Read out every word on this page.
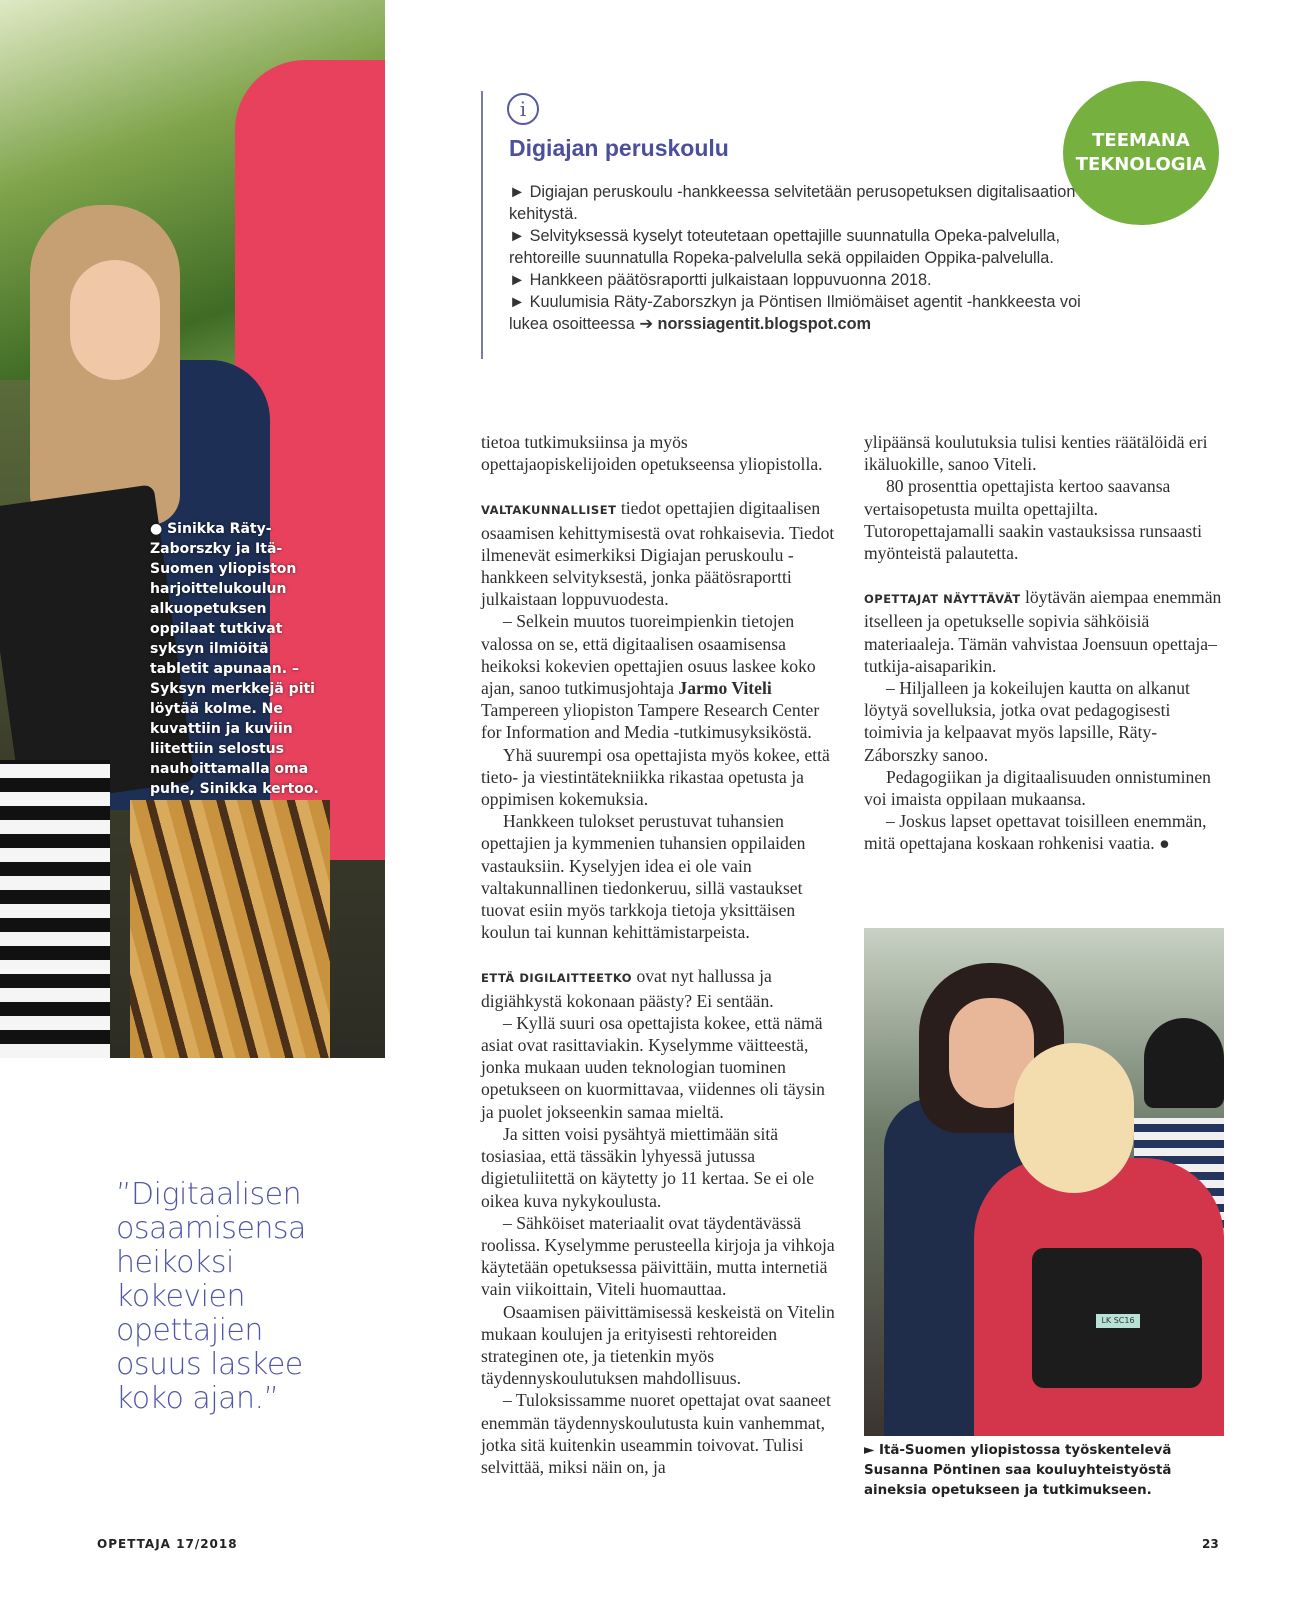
● Sinikka Räty-Zaborszky ja Itä-Suomen yliopiston harjoittelukoulun alkuopetuksen oppilaat tutkivat syksyn ilmiöitä tabletit apunaan. – Syksyn merkkejä piti löytää kolme. Ne kuvattiin ja kuviin liitettiin selostus nauhoittamalla oma puhe, Sinikka kertoo.
i
Digiajan peruskoulu
► Digiajan peruskoulu -hankkeessa selvitetään perusopetuksen digitalisaation kehitystä.
► Selvityksessä kyselyt toteutetaan opettajille suunnatulla Opeka-palvelulla, rehtoreille suunnatulla Ropeka-palvelulla sekä oppilaiden Oppika-palvelulla.
► Hankkeen päätösraportti julkaistaan loppuvuonna 2018.
► Kuulumisia Räty-Zaborszkyn ja Pöntisen Ilmiömäiset agentit -hankkeesta voi lukea osoitteessa ➔ norssiagentit.blogspot.com
TEEMANA
TEKNOLOGIA

tietoa tutkimuksiinsa ja myös opettajaopiskelijoiden opetukseensa yliopistolla.

VALTAKUNNALLISET tiedot opettajien digitaalisen osaamisen kehittymisestä ovat rohkaisevia. Tiedot ilmenevät esimerkiksi Digiajan peruskoulu -hankkeen selvityksestä, jonka päätösraportti julkaistaan loppuvuodesta.

– Selkein muutos tuoreimpienkin tietojen valossa on se, että digitaalisen osaamisensa heikoksi kokevien opettajien osuus laskee koko ajan, sanoo tutkimusjohtaja Jarmo Viteli Tampereen yliopiston Tampere Research Center for Information and Media -tutkimusyksiköstä.

Yhä suurempi osa opettajista myös kokee, että tieto- ja viestintätekniikka rikastaa opetusta ja oppimisen kokemuksia.

Hankkeen tulokset perustuvat tuhansien opettajien ja kymmenien tuhansien oppilaiden vastauksiin. Kyselyjen idea ei ole vain valtakunnallinen tiedonkeruu, sillä vastaukset tuovat esiin myös tarkkoja tietoja yksittäisen koulun tai kunnan kehittämistarpeista.

ETTÄ DIGILAITTEETKO ovat nyt hallussa ja digiähkystä kokonaan päästy? Ei sentään.

– Kyllä suuri osa opettajista kokee, että nämä asiat ovat rasittaviakin. Kyselymme väitteestä, jonka mukaan uuden teknologian tuominen opetukseen on kuormittavaa, viidennes oli täysin ja puolet jokseenkin samaa mieltä.

Ja sitten voisi pysähtyä miettimään sitä tosiasiaa, että tässäkin lyhyessä jutussa digietuliitettä on käytetty jo 11 kertaa. Se ei ole oikea kuva nykykoulusta.

– Sähköiset materiaalit ovat täydentävässä roolissa. Kyselymme perusteella kirjoja ja vihkoja käytetään opetuksessa päivittäin, mutta internetiä vain viikoittain, Viteli huomauttaa.

Osaamisen päivittämisessä keskeistä on Vitelin mukaan koulujen ja erityisesti rehtoreiden strateginen ote, ja tietenkin myös täydennyskoulutuksen mahdollisuus.

– Tuloksissamme nuoret opettajat ovat saaneet enemmän täydennyskoulutusta kuin vanhemmat, jotka sitä kuitenkin useammin toivovat. Tulisi selvittää, miksi näin on, ja

ylipäänsä koulutuksia tulisi kenties räätälöidä eri ikäluokille, sanoo Viteli.

80 prosenttia opettajista kertoo saavansa vertaisopetusta muilta opettajilta. Tutoropettajamalli saakin vastauksissa runsaasti myönteistä palautetta.

OPETTAJAT NÄYTTÄVÄT löytävän aiempaa enemmän itselleen ja opetukselle sopivia sähköisiä materiaaleja. Tämän vahvistaa Joensuun opettaja–tutkija-aisaparikin.

– Hiljalleen ja kokeilujen kautta on alkanut löytyä sovelluksia, jotka ovat pedagogisesti toimivia ja kelpaavat myös lapsille, Räty-Záborszky sanoo.

Pedagogiikan ja digitaalisuuden onnistuminen voi imaista oppilaan mukaansa.

– Joskus lapset opettavat toisilleen enemmän, mitä opettajana koskaan rohkenisi vaatia. ●

”Digitaalisen osaamisensa heikoksi kokevien opettajien osuus laskee koko ajan.”
LK SC16
► Itä-Suomen yliopistossa työskentelevä Susanna Pöntinen saa kouluyhteistyöstä aineksia opetukseen ja tutkimukseen.
OPETTAJA 17/2018	23
